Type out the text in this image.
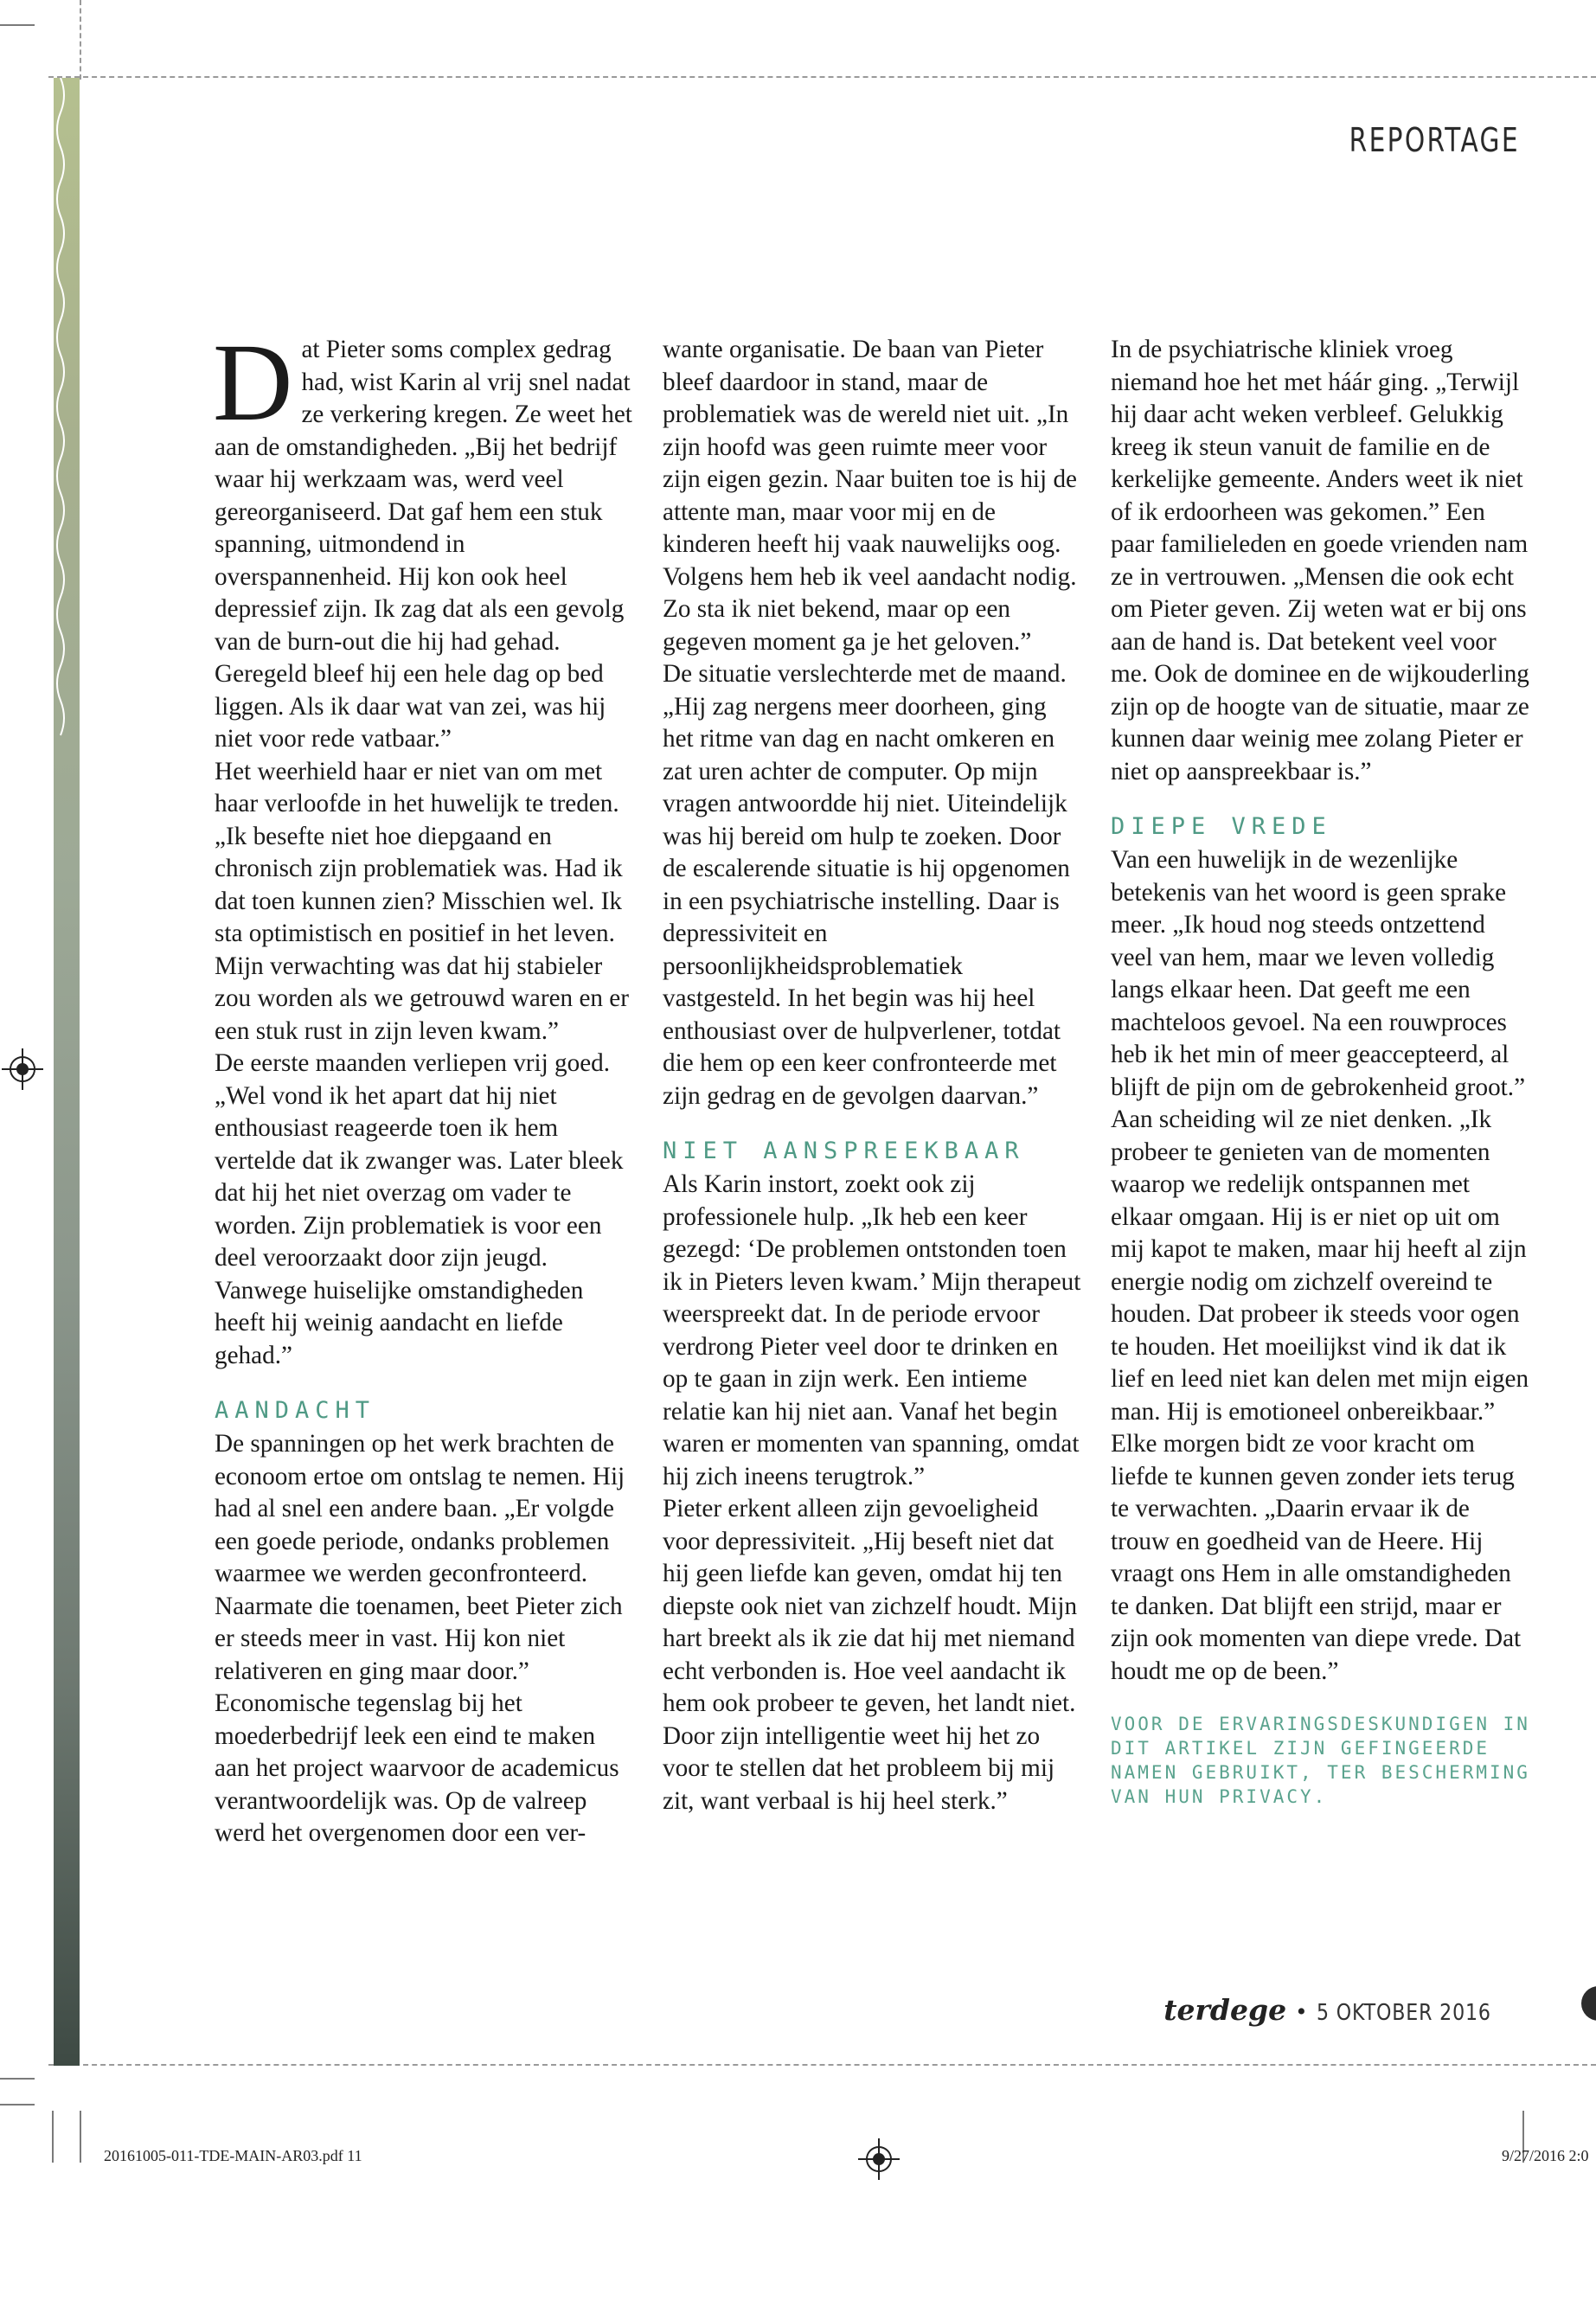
REPORTAGE

Dat Pieter soms complex gedrag had, wist Karin al vrij snel nadat ze verkering kregen. Ze weet het aan de omstandigheden. „Bij het bedrijf waar hij werkzaam was, werd veel gereorganiseerd. Dat gaf hem een stuk spanning, uitmondend in overspannenheid. Hij kon ook heel depressief zijn. Ik zag dat als een gevolg van de burn-out die hij had gehad. Geregeld bleef hij een hele dag op bed liggen. Als ik daar wat van zei, was hij niet voor rede vatbaar.”

Het weerhield haar er niet van om met haar verloofde in het huwelijk te treden. „Ik besefte niet hoe diepgaand en chronisch zijn problematiek was. Had ik dat toen kunnen zien? Misschien wel. Ik sta optimistisch en positief in het leven. Mijn verwachting was dat hij stabieler zou worden als we getrouwd waren en er een stuk rust in zijn leven kwam.”

De eerste maanden verliepen vrij goed. „Wel vond ik het apart dat hij niet enthousiast reageerde toen ik hem vertelde dat ik zwanger was. Later bleek dat hij het niet overzag om vader te worden. Zijn problematiek is voor een deel veroorzaakt door zijn jeugd. Vanwege huiselijke omstandigheden heeft hij weinig aandacht en liefde gehad.”

AANDACHT

De spanningen op het werk brachten de econoom ertoe om ontslag te nemen. Hij had al snel een andere baan. „Er volgde een goede periode, ondanks problemen waarmee we werden geconfronteerd. Naarmate die toenamen, beet Pieter zich er steeds meer in vast. Hij kon niet relativeren en ging maar door.”

Economische tegenslag bij het moederbedrijf leek een eind te maken aan het project waarvoor de academicus verantwoordelijk was. Op de valreep werd het overgenomen door een ver-

wante organisatie. De baan van Pieter bleef daardoor in stand, maar de problematiek was de wereld niet uit. „In zijn hoofd was geen ruimte meer voor zijn eigen gezin. Naar buiten toe is hij de attente man, maar voor mij en de kinderen heeft hij vaak nauwelijks oog. Volgens hem heb ik veel aandacht nodig. Zo sta ik niet bekend, maar op een gegeven moment ga je het geloven.”

De situatie verslechterde met de maand. „Hij zag nergens meer doorheen, ging het ritme van dag en nacht omkeren en zat uren achter de computer. Op mijn vragen antwoordde hij niet. Uiteindelijk was hij bereid om hulp te zoeken. Door de escalerende situatie is hij opgenomen in een psychiatrische instelling. Daar is depressiviteit en persoonlijkheidsproblematiek vastgesteld. In het begin was hij heel enthousiast over de hulpverlener, totdat die hem op een keer confronteerde met zijn gedrag en de gevolgen daarvan.”

NIET AANSPREEKBAAR

Als Karin instort, zoekt ook zij professionele hulp. „Ik heb een keer gezegd: ‘De problemen ontstonden toen ik in Pieters leven kwam.’ Mijn therapeut weerspreekt dat. In de periode ervoor verdrong Pieter veel door te drinken en op te gaan in zijn werk. Een intieme relatie kan hij niet aan. Vanaf het begin waren er momenten van spanning, omdat hij zich ineens terugtrok.”

Pieter erkent alleen zijn gevoeligheid voor depressiviteit. „Hij beseft niet dat hij geen liefde kan geven, omdat hij ten diepste ook niet van zichzelf houdt. Mijn hart breekt als ik zie dat hij met niemand echt verbonden is. Hoe veel aandacht ik hem ook probeer te geven, het landt niet. Door zijn intelligentie weet hij het zo voor te stellen dat het probleem bij mij zit, want verbaal is hij heel sterk.”

In de psychiatrische kliniek vroeg niemand hoe het met háár ging. „Terwijl hij daar acht weken verbleef. Gelukkig kreeg ik steun vanuit de familie en de kerkelijke gemeente. Anders weet ik niet of ik erdoorheen was gekomen.” Een paar familieleden en goede vrienden nam ze in vertrouwen. „Mensen die ook echt om Pieter geven. Zij weten wat er bij ons aan de hand is. Dat betekent veel voor me. Ook de dominee en de wijkouderling zijn op de hoogte van de situatie, maar ze kunnen daar weinig mee zolang Pieter er niet op aanspreekbaar is.”

DIEPE VREDE

Van een huwelijk in de wezenlijke betekenis van het woord is geen sprake meer. „Ik houd nog steeds ontzettend veel van hem, maar we leven volledig langs elkaar heen. Dat geeft me een machteloos gevoel. Na een rouwproces heb ik het min of meer geaccepteerd, al blijft de pijn om de gebrokenheid groot.”

Aan scheiding wil ze niet denken. „Ik probeer te genieten van de momenten waarop we redelijk ontspannen met elkaar omgaan. Hij is er niet op uit om mij kapot te maken, maar hij heeft al zijn energie nodig om zichzelf overeind te houden. Dat probeer ik steeds voor ogen te houden. Het moeilijkst vind ik dat ik lief en leed niet kan delen met mijn eigen man. Hij is emotioneel onbereikbaar.”

Elke morgen bidt ze voor kracht om liefde te kunnen geven zonder iets terug te verwachten. „Daarin ervaar ik de trouw en goedheid van de Heere. Hij vraagt ons Hem in alle omstandigheden te danken. Dat blijft een strijd, maar er zijn ook momenten van diepe vrede. Dat houdt me op de been.”

VOOR DE ERVARINGSDESKUNDIGEN IN DIT ARTIKEL ZIJN GEFINGEERDE NAMEN GEBRUIKT, TER BESCHERMING VAN HUN PRIVACY.
terdege • 5 OKTOBER 2016
20161005-011-TDE-MAIN-AR03.pdf 11	9/27/2016 2:0
